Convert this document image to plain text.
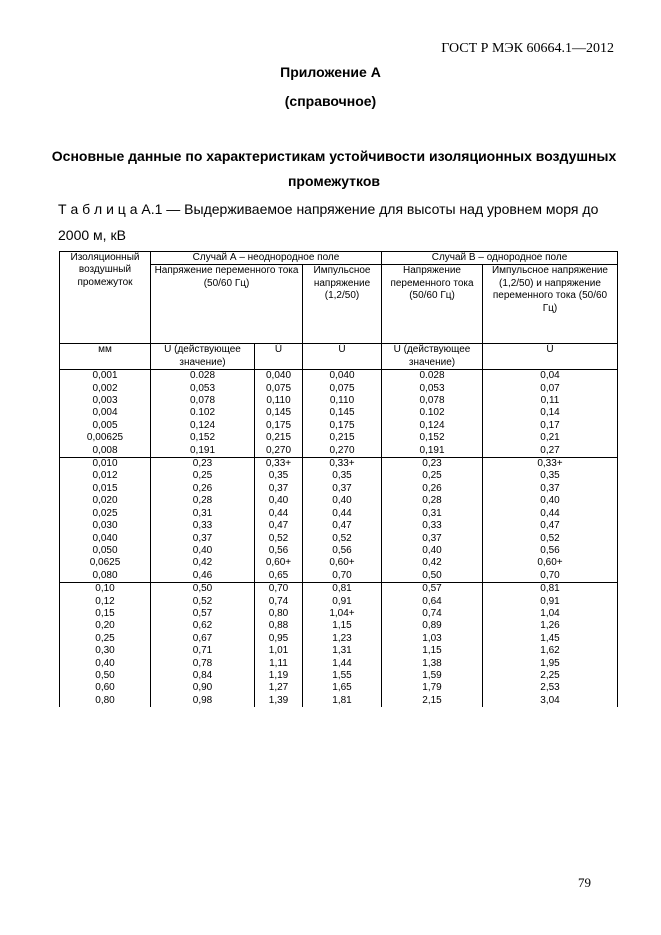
ГОСТ Р МЭК 60664.1—2012
Приложение A
(справочное)
Основные данные по характеристикам устойчивости изоляционных воздушных промежутков
Т а б л и ц а А.1 — Выдерживаемое напряжение для высоты над уровнем моря до 2000 м, кВ
Изоляционный воздушный промежуток	Случай А – неоднородное поле			Случай В – однородное поле	
	Напряжение переменного тока (50/60 Гц)		Импульсное напряжение (1,2/50)	Напряжение переменного тока (50/60 Гц)	Импульсное напряжение (1,2/50) и напряжение переменного тока (50/60 Гц)
мм	U (действующее значение)	Û	Û	U (действующее значение)	Û
0,001	0.028	0,040	0,040	0.028	0,04
0,002	0,053	0,075	0,075	0,053	0,07
0,003	0,078	0,110	0,110	0,078	0,11
0,004	0.102	0,145	0,145	0.102	0,14
0,005	0,124	0,175	0,175	0,124	0,17
0,00625	0,152	0,215	0,215	0,152	0,21
0,008	0,191	0,270	0,270	0,191	0,27
0,010	0,23	0,33+	0,33+	0,23	0,33+
0,012	0,25	0,35	0,35	0,25	0,35
0,015	0,26	0,37	0,37	0,26	0,37
0,020	0,28	0,40	0,40	0,28	0,40
0,025	0,31	0,44	0,44	0,31	0,44
0,030	0,33	0,47	0,47	0,33	0,47
0,040	0,37	0,52	0,52	0,37	0,52
0,050	0,40	0,56	0,56	0,40	0,56
0,0625	0,42	0,60+	0,60+	0,42	0,60+
0,080	0,46	0,65	0,70	0,50	0,70
0,10	0,50	0,70	0,81	0,57	0,81
0,12	0,52	0,74	0,91	0,64	0,91
0,15	0,57	0,80	1,04+	0,74	1,04
0,20	0,62	0,88	1,15	0,89	1,26
0,25	0,67	0,95	1,23	1,03	1,45
0,30	0,71	1,01	1,31	1,15	1,62
0,40	0,78	1,11	1,44	1,38	1,95
0,50	0,84	1,19	1,55	1,59	2,25
0,60	0,90	1,27	1,65	1,79	2,53
0,80	0,98	1,39	1,81	2,15	3,04
79
